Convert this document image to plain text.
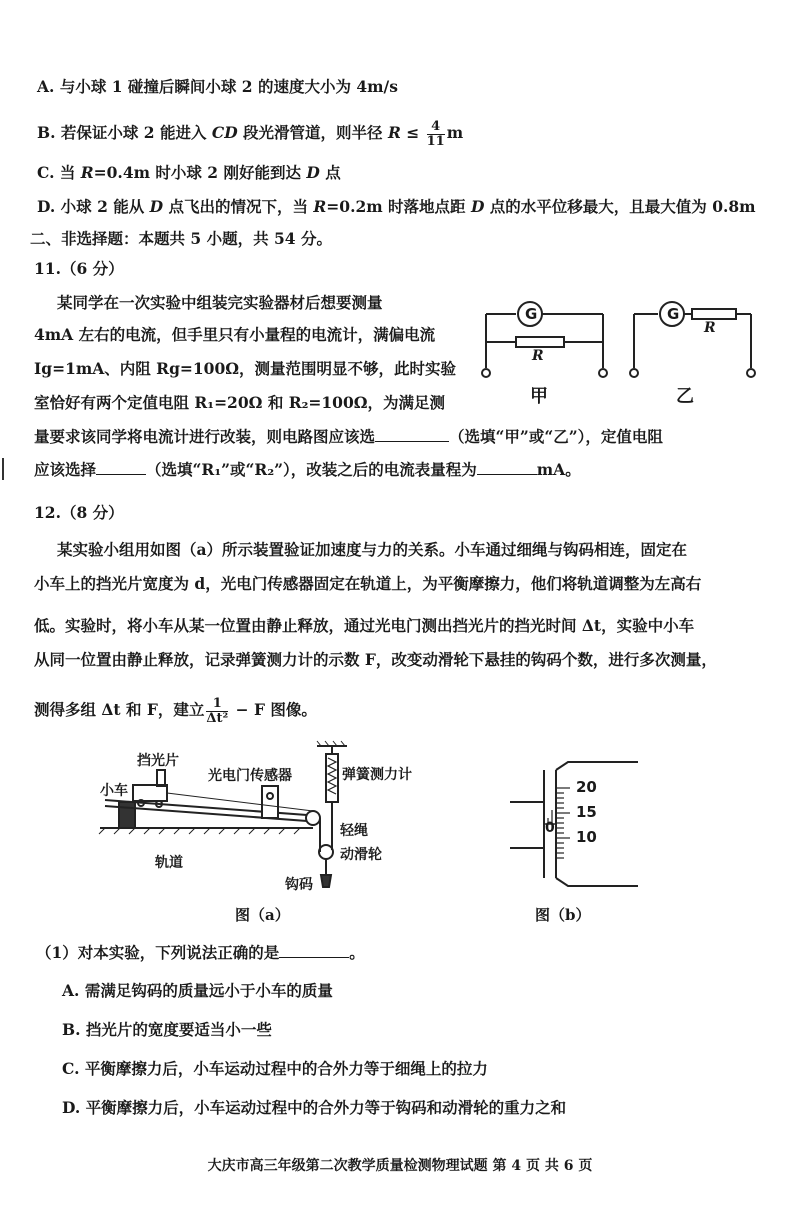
A. 与小球 1 碰撞后瞬间小球 2 的速度大小为 4m/s
B. 若保证小球 2 能进入 CD 段光滑管道，则半径 $R \le \frac{4}{11}$ m
C. 当 R=0.4m 时小球 2 刚好能到达 D 点
D. 小球 2 能从 D 点飞出的情况下，当 R=0.2m 时落地点距 D 点的水平位移最大，且最大值为 0.8m
二、非选择题：本题共 5 小题，共 54 分。
11.（6 分）
某同学在一次实验中组装完实验器材后想要测量
4mA 左右的电流，但手里只有小量程的电流计，满偏电流
Ig=1mA、内阻 Rg=100Ω，测量范围明显不够，此时实验
室恰好有两个定值电阻 R₁=20Ω 和 R₂=100Ω，为满足测
量要求该同学将电流计进行改装，则电路图应该选	（选填“甲”或“乙”），定值电阻
应该选择	（选填“R₁”或“R₂”），改装之后的电流表量程为	mA。
G
R
甲
G
R
乙
12.（8 分）
某实验小组用如图（a）所示装置验证加速度与力的关系。小车通过细绳与钩码相连，固定在
小车上的挡光片宽度为 d，光电门传感器固定在轨道上，为平衡摩擦力，他们将轨道调整为左高右
低。实验时，将小车从某一位置由静止释放，通过光电门测出挡光片的挡光时间 Δt，实验中小车
从同一位置由静止释放，记录弹簧测力计的示数 F，改变动滑轮下悬挂的钩码个数，进行多次测量，
测得多组 Δt 和 F，建立 $\frac{1}{\text{Δt²}} - F$ 图像。
挡光片
小车
光电门传感器	弹簧测力计
轨道
轻绳
动滑轮
钩码
图（a）
20
15
10
0
图（b）
（1）对本实验，下列说法正确的是	。
A. 需满足钩码的质量远小于小车的质量
B. 挡光片的宽度要适当小一些
C. 平衡摩擦力后，小车运动过程中的合外力等于细绳上的拉力
D. 平衡摩擦力后，小车运动过程中的合外力等于钩码和动滑轮的重力之和
大庆市高三年级第二次教学质量检测物理试题 第 4 页 共 6 页
